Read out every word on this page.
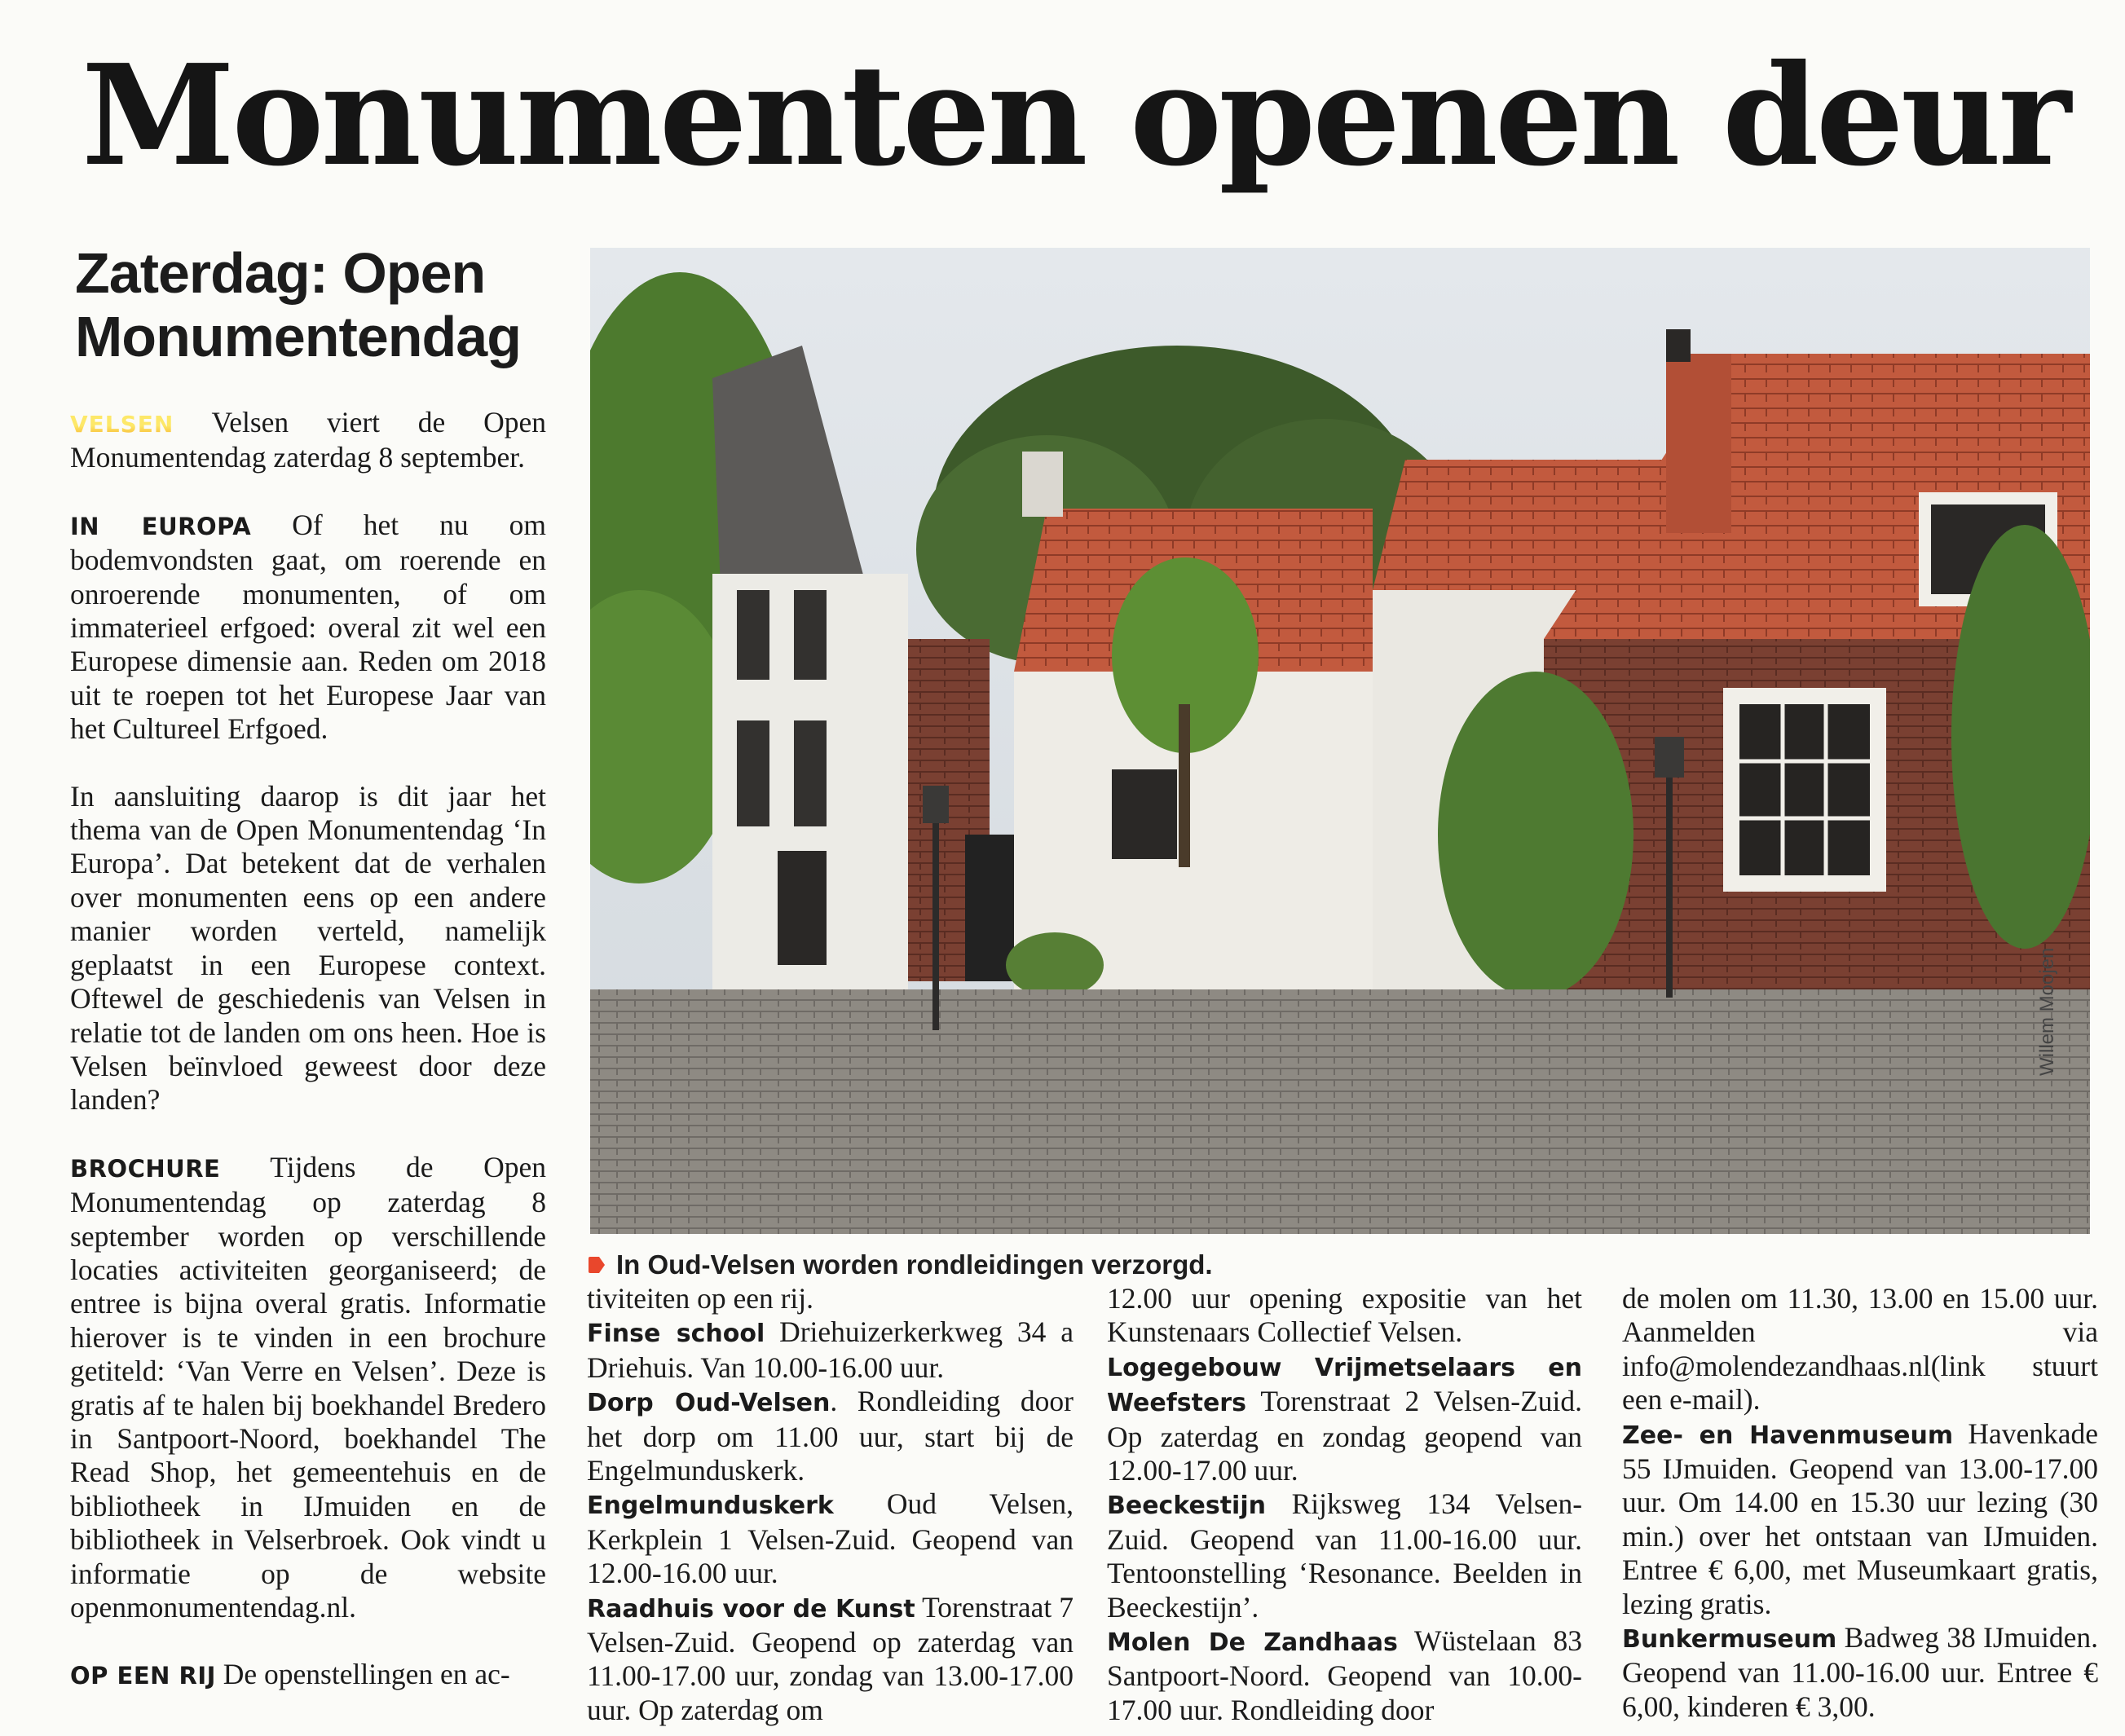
Monumenten openen deur
Zaterdag: Open
Monumentendag

VELSEN Velsen viert de Open Monumentendag zaterdag 8 september.

IN EUROPA Of het nu om bodemvondsten gaat, om roerende en onroerende monumenten, of om immaterieel erfgoed: overal zit wel een Europese dimensie aan. Reden om 2018 uit te roepen tot het Europese Jaar van het Cultureel Erfgoed.

In aansluiting daarop is dit jaar het thema van de Open Monumentendag ‘In Europa’. Dat betekent dat de verhalen over monumenten eens op een andere manier worden verteld, namelijk geplaatst in een Europese context. Oftewel de geschiedenis van Velsen in relatie tot de landen om ons heen. Hoe is Velsen beïnvloed geweest door deze landen?

BROCHURE Tijdens de Open Monumentendag op zaterdag 8 september worden op verschillende locaties activiteiten georganiseerd; de entree is bijna overal gratis. Informatie hierover is te vinden in een brochure getiteld: ‘Van Verre en Velsen’. Deze is gratis af te halen bij boekhandel Bredero in Santpoort-Noord, boekhandel The Read Shop, het gemeentehuis en de bibliotheek in IJmuiden en de bibliotheek in Velserbroek. Ook vindt u informatie op de website openmonumentendag.nl.

OP EEN RIJ De openstellingen en ac-

Willem Moojen
In Oud-Velsen worden rondleidingen verzorgd.

tiviteiten op een rij.

Finse school Driehuizerkerkweg 34 a Driehuis. Van 10.00-16.00 uur.

Dorp Oud-Velsen. Rondleiding door het dorp om 11.00 uur, start bij de Engelmunduskerk.

Engelmunduskerk Oud Velsen, Kerkplein 1 Velsen-Zuid. Geopend van 12.00-16.00 uur.

Raadhuis voor de Kunst Torenstraat 7 Velsen-Zuid. Geopend op zaterdag van 11.00-17.00 uur, zondag van 13.00-17.00 uur. Op zaterdag om

12.00 uur opening expositie van het Kunstenaars Collectief Velsen.

Logegebouw Vrijmetselaars en Weefsters Torenstraat 2 Velsen-Zuid. Op zaterdag en zondag geopend van 12.00-17.00 uur.

Beeckestijn Rijksweg 134 Velsen-Zuid. Geopend van 11.00-16.00 uur. Tentoonstelling ‘Resonance. Beelden in Beeckestijn’.

Molen De Zandhaas Wüstelaan 83 Santpoort-Noord. Geopend van 10.00-17.00 uur. Rondleiding door

de molen om 11.30, 13.00 en 15.00 uur. Aanmelden via info@molendezandhaas.nl(link stuurt een e-mail).

Zee- en Havenmuseum Havenkade 55 IJmuiden. Geopend van 13.00-17.00 uur. Om 14.00 en 15.30 uur lezing (30 min.) over het ontstaan van IJmuiden. Entree € 6,00, met Museumkaart gratis, lezing gratis.

Bunkermuseum Badweg 38 IJmuiden. Geopend van 11.00-16.00 uur. Entree € 6,00, kinderen € 3,00.
